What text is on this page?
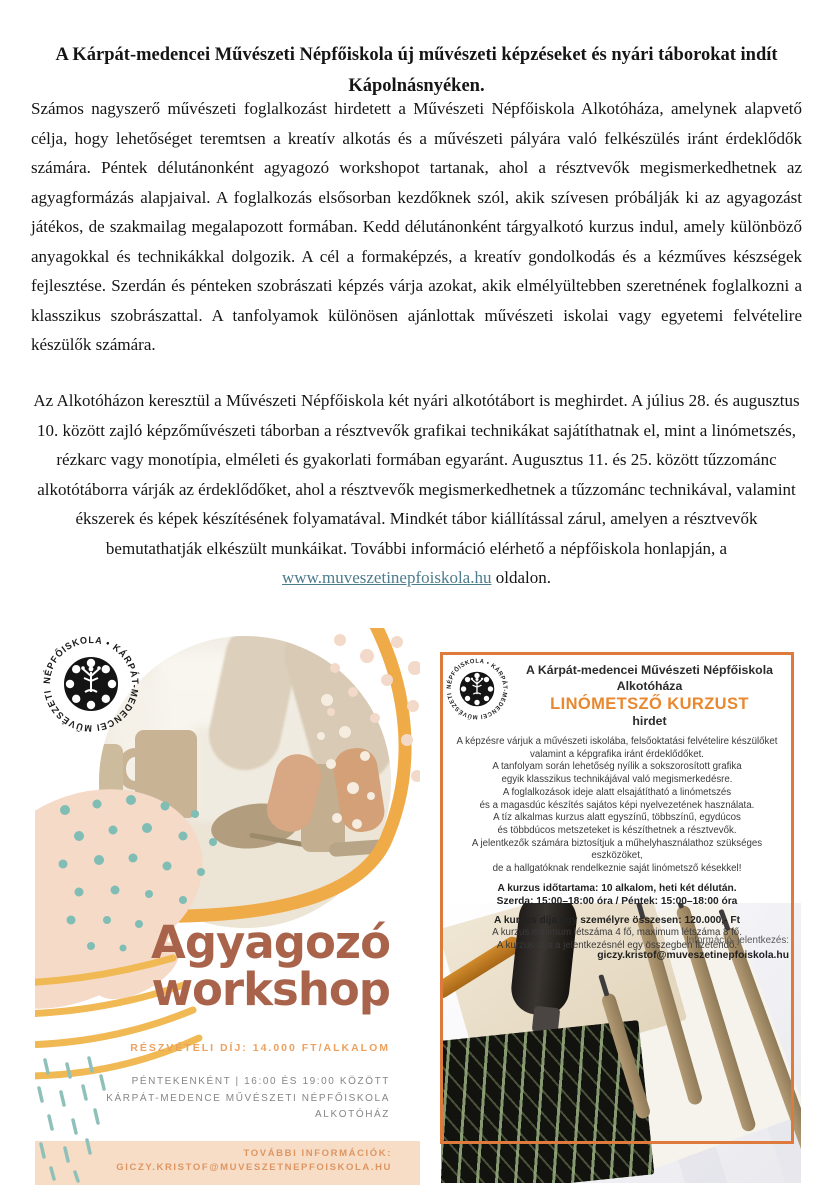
A Kárpát-medencei Művészeti Népfőiskola új művészeti képzéseket és nyári táborokat indít Kápolnásnyéken.

Számos nagyszerő művészeti foglalkozást hirdetett a Művészeti Népfőiskola Alkotóháza, amelynek alapvető célja, hogy lehetőséget teremtsen a kreatív alkotás és a művészeti pályára való felkészülés iránt érdeklődők számára. Péntek délutánonként agyagozó workshopot tartanak, ahol a résztvevők megismerkedhetnek az agyagformázás alapjaival. A foglalkozás elsősorban kezdőknek szól, akik szívesen próbálják ki az agyagozást játékos, de szakmailag megalapozott formában. Kedd délutánonként tárgyalkotó kurzus indul, amely különböző anyagokkal és technikákkal dolgozik. A cél a formaképzés, a kreatív gondolkodás és a kézműves készségek fejlesztése. Szerdán és pénteken szobrászati képzés várja azokat, akik elmélyültebben szeretnének foglalkozni a klasszikus szobrászattal. A tanfolyamok különösen ajánlottak művészeti iskolai vagy egyetemi felvételire készülők számára.

Az Alkotóházon keresztül a Művészeti Népfőiskola két nyári alkotótábort is meghirdet. A július 28. és augusztus 10. között zajló képzőművészeti táborban a résztvevők grafikai technikákat sajátíthatnak el, mint a linómetszés, rézkarc vagy monotípia, elméleti és gyakorlati formában egyaránt. Augusztus 11. és 25. között tűzzománc alkotótáborra várják az érdeklődőket, ahol a résztvevők megismerkedhetnek a tűzzománc technikával, valamint ékszerek és képek készítésének folyamatával. Mindkét tábor kiállítással zárul, amelyen a résztvevők bemutathatják elkészült munkáikat. További információ elérhető a népfőiskola honlapján, a www.muveszetinepfoiskola.hu oldalon.

NÉPFŐISKOLA • KÁRPÁT-MEDENCEI MŰVÉSZETI
Agyagozó
workshop
RÉSZVÉTELI DÍJ: 14.000 FT/ALKALOM
PÉNTEKENKÉNT | 16:00 ÉS 19:00 KÖZÖTT
KÁRPÁT-MEDENCE MŰVÉSZETI NÉPFŐISKOLA
ALKOTÓHÁZ
TOVÁBBI INFORMÁCIÓK:
GICZY.KRISTOF@MUVESZETNEPFOISKOLA.HU
NÉPFŐISKOLA • KÁRPÁT-MEDENCEI MŰVÉSZETI
A Kárpát-medencei Művészeti Népfőiskola
Alkotóháza
LINÓMETSZŐ KURZUST
hirdet
A képzésre várjuk a művészeti iskolába, felsőoktatási felvételire készülőket
valamint a képgrafika iránt érdeklődőket.
A tanfolyam során lehetőség nyílik a sokszorosított grafika
egyik klasszikus technikájával való megismerkedésre.
A foglalkozások ideje alatt elsajátítható a linómetszés
és a magasdúc készítés sajátos képi nyelvezetének használata.
A tíz alkalmas kurzus alatt egyszínű, többszínű, egydúcos
és többdúcos metszeteket is készíthetnek a résztvevők.
A jelentkezők számára biztosítjuk a műhelyhasználathoz szükséges eszközöket,
de a hallgatóknak rendelkeznie saját linómetsző késekkel!
A kurzus időtartama: 10 alkalom, heti két délután.
Szerda: 15:00–18:00 óra / Péntek: 15:00–18:00 óra
A kurzus díja egy személyre összesen: 120.000,- Ft
A kurzus minimum létszáma 4 fő, maximum létszáma 8 fő.
A kurzus díja a jelentkezésnél egy összegben fizetendő.
Információ, jelentkezés:
giczy.kristof@muveszetinepfoiskola.hu
